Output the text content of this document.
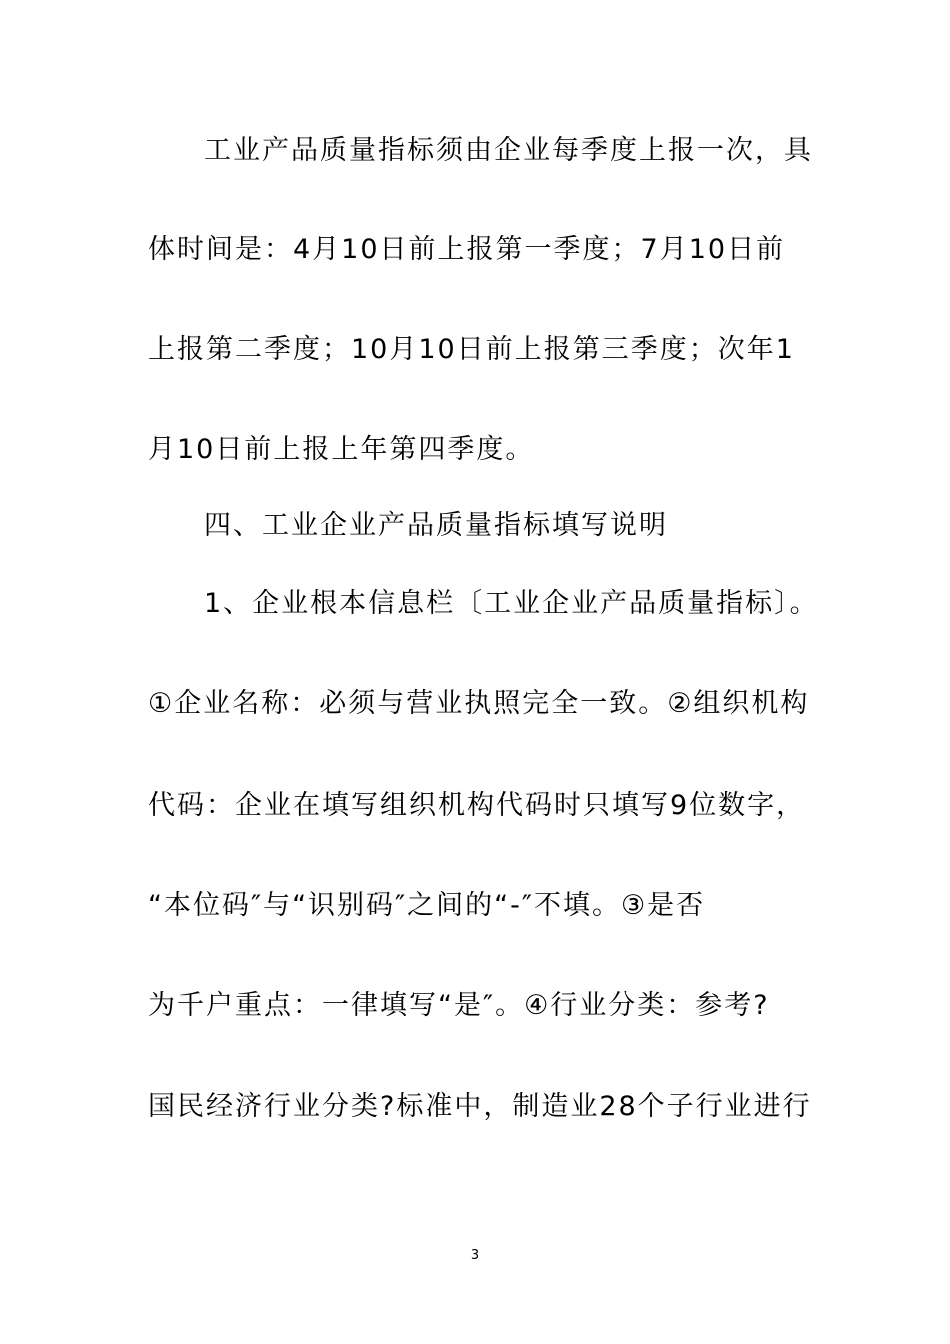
工业产品质量指标须由企业每季度上报一次，具
体时间是：4月10日前上报第一季度；7月10日前
上报第二季度；10月10日前上报第三季度；次年1
月10日前上报上年第四季度。
四、工业企业产品质量指标填写说明
1、企业根本信息栏〔工业企业产品质量指标〕。
①企业名称：必须与营业执照完全一致。②组织机构
代码：企业在填写组织机构代码时只填写9位数字，
“本位码″与“识别码″之间的“-″不填。③是否
为千户重点：一律填写“是″。④行业分类：参考?
国民经济行业分类?标准中，制造业28个子行业进行
3
